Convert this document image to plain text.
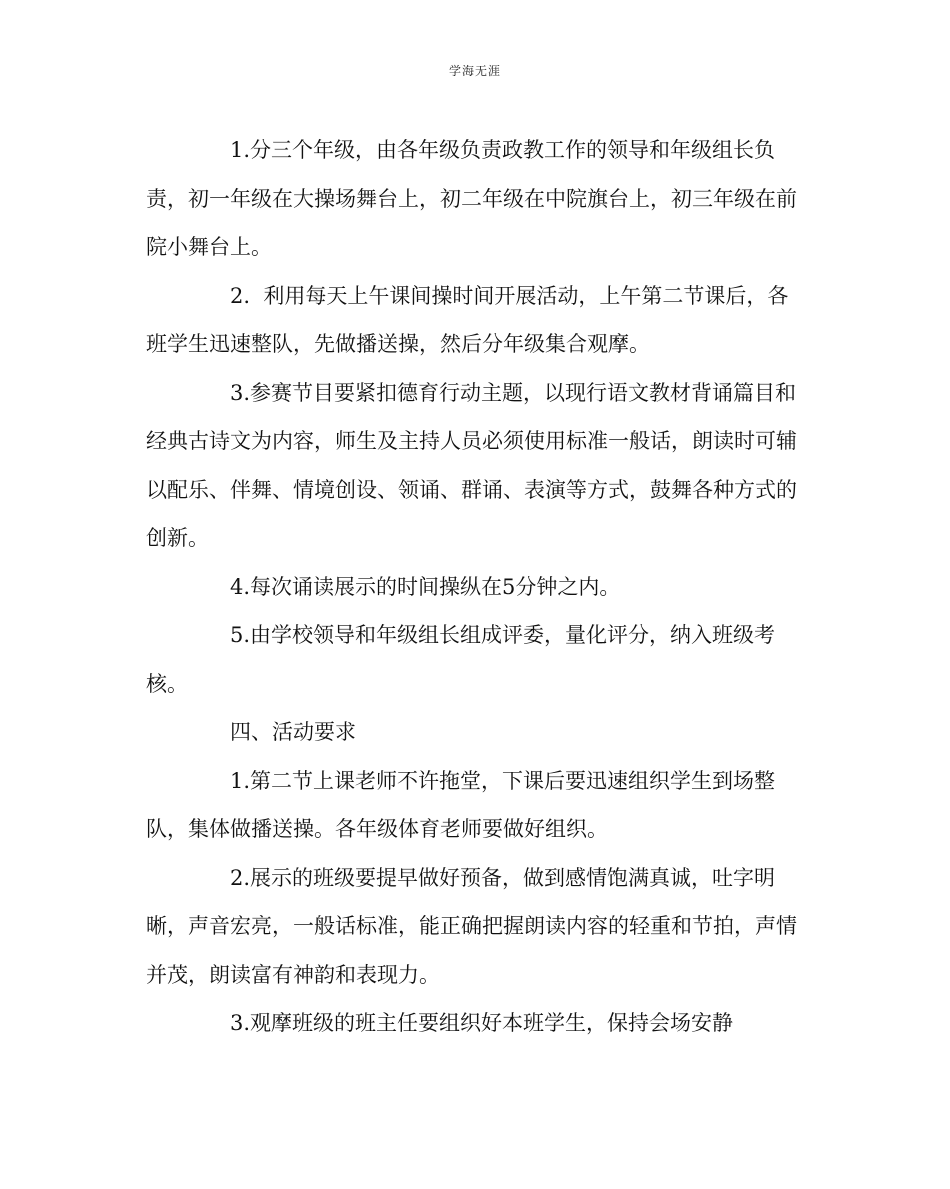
学海无涯

1.分三个年级，由各年级负责政教工作的领导和年级组长负责，初一年级在大操场舞台上，初二年级在中院旗台上，初三年级在前院小舞台上。

2.  利用每天上午课间操时间开展活动，上午第二节课后，各班学生迅速整队，先做播送操，然后分年级集合观摩。

3.参赛节目要紧扣德育行动主题，以现行语文教材背诵篇目和经典古诗文为内容，师生及主持人员必须使用标准一般话，朗读时可辅以配乐、伴舞、情境创设、领诵、群诵、表演等方式，鼓舞各种方式的创新。

4.每次诵读展示的时间操纵在5分钟之内。

5.由学校领导和年级组长组成评委，量化评分，纳入班级考核。

四、活动要求

1.第二节上课老师不许拖堂，下课后要迅速组织学生到场整队，集体做播送操。各年级体育老师要做好组织。

2.展示的班级要提早做好预备，做到感情饱满真诚，吐字明晰，声音宏亮，一般话标准，能正确把握朗读内容的轻重和节拍，声情并茂，朗读富有神韵和表现力。

3.观摩班级的班主任要组织好本班学生，保持会场安静
